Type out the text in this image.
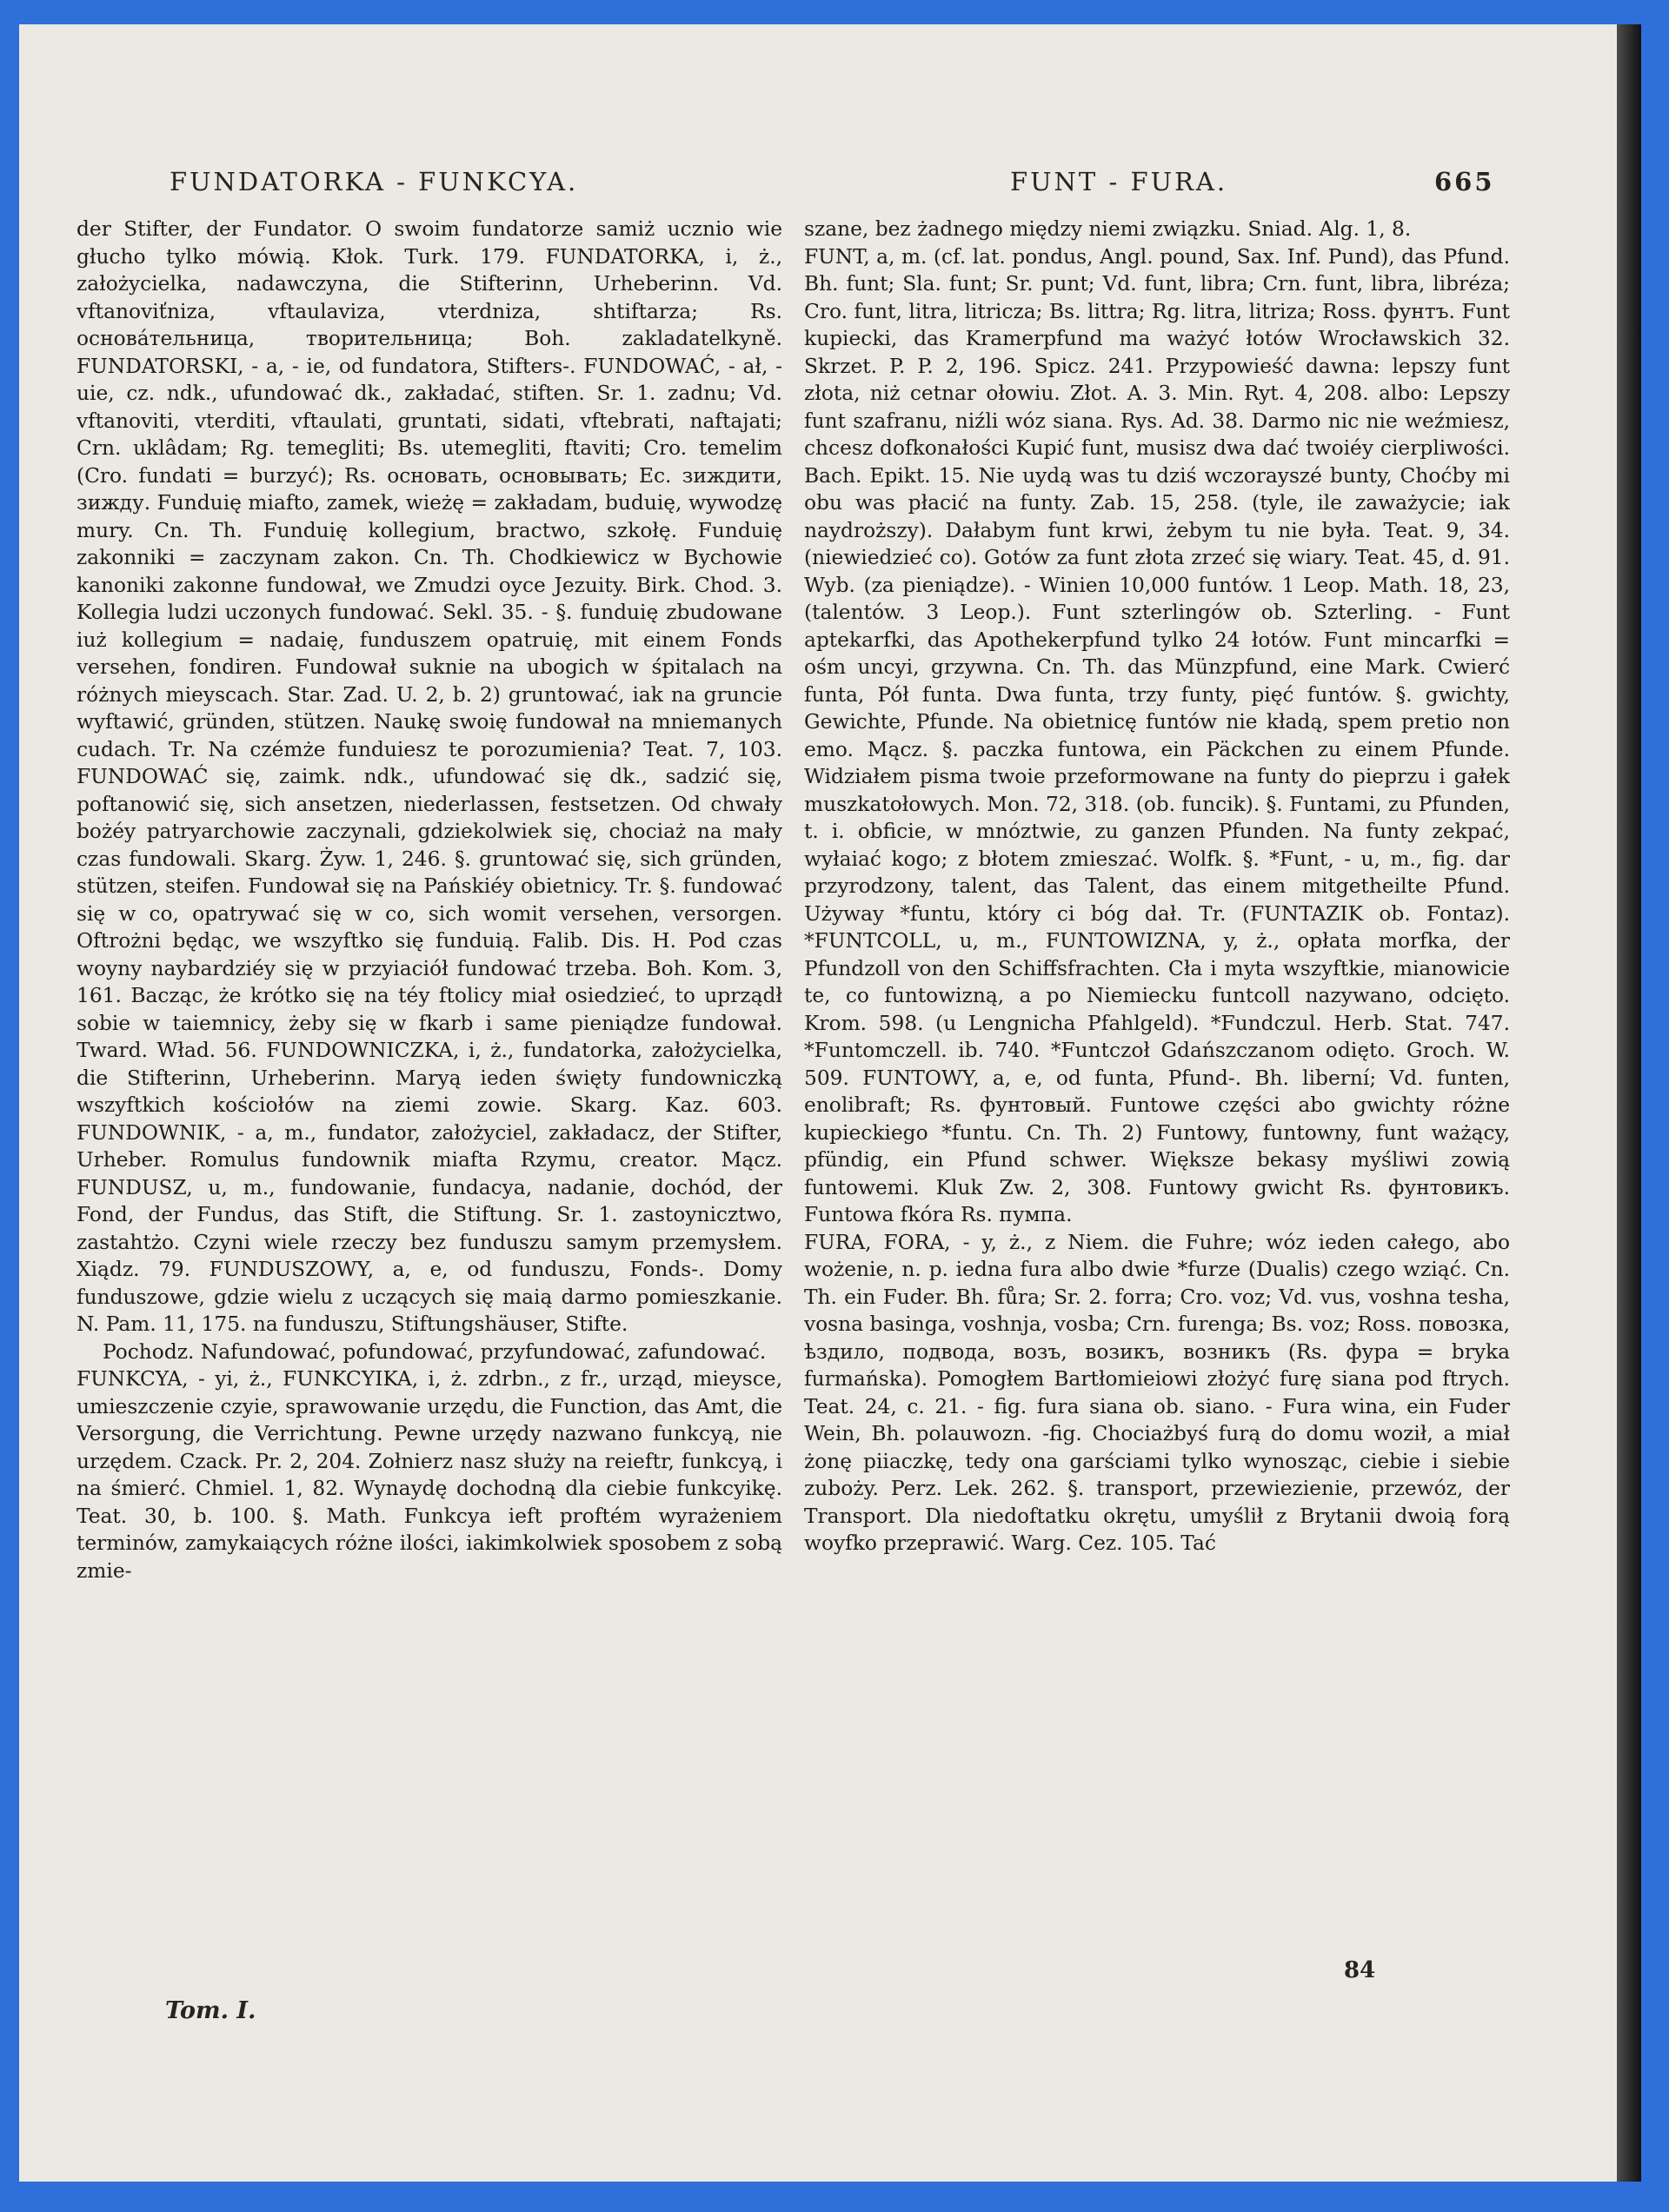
FUNDATORKA - FUNKCYA.	FUNT - FURA.	665

der Stifter, der Fundator. O swoim fundatorze samiż ucznio wie głucho tylko mówią. Kłok. Turk. 179. FUNDATORKA, i, ż., założycielka, nadawczyna, die Stifterinn, Urheberinn. Vd. vftanoviťniza, vftaulaviza, vterdniza, shtiftarza; Rs. основа́тельница, творительница; Boh. zakladatelkyně. FUNDATORSKI, - a, - ie, od fundatora, Stifters-. FUNDOWAĆ, - ał, - uie, cz. ndk., ufundować dk., zakładać, stiften. Sr. 1. zadnu; Vd. vftanoviti, vterditi, vftaulati, gruntati, sidati, vftebrati, naftajati; Crn. uklâdam; Rg. temegliti; Bs. utemegliti, ftaviti; Cro. temelim (Cro. fundati = burzyć); Rs. основать, основывать; Ec. зиждити, зижду. Funduię miafto, zamek, wieżę = zakładam, buduię, wywodzę mury. Cn. Th. Funduię kollegium, bractwo, szkołę. Funduię zakonniki = zaczynam zakon. Cn. Th. Chodkiewicz w Bychowie kanoniki zakonne fundował, we Zmudzi oyce Jezuity. Birk. Chod. 3. Kollegia ludzi uczonych fundować. Sekl. 35. - §. funduię zbudowane iuż kollegium = nadaię, funduszem opatruię, mit einem Fonds versehen, fondiren. Fundował suknie na ubogich w śpitalach na różnych mieyscach. Star. Zad. U. 2, b. 2) gruntować, iak na gruncie wyftawić, gründen, stützen. Naukę swoię fundował na mniemanych cudach. Tr. Na czémże funduiesz te porozumienia? Teat. 7, 103. FUNDOWAĆ się, zaimk. ndk., ufundować się dk., sadzić się, poftanowić się, sich ansetzen, niederlassen, festsetzen. Od chwały bożéy patryarchowie zaczynali, gdziekolwiek się, chociaż na mały czas fundowali. Skarg. Żyw. 1, 246. §. gruntować się, sich gründen, stützen, steifen. Fundował się na Pańskiéy obietnicy. Tr. §. fundować się w co, opatrywać się w co, sich womit versehen, versorgen. Oftrożni będąc, we wszyftko się funduią. Falib. Dis. H. Pod czas woyny naybardziéy się w przyiaciół fundować trzeba. Boh. Kom. 3, 161. Bacząc, że krótko się na téy ftolicy miał osiedzieć, to uprządł sobie w taiemnicy, żeby się w fkarb i same pieniądze fundował. Tward. Wład. 56. FUNDOWNICZKA, i, ż., fundatorka, założycielka, die Stifterinn, Urheberinn. Maryą ieden święty fundowniczką wszyftkich kościołów na ziemi zowie. Skarg. Kaz. 603. FUNDOWNIK, - a, m., fundator, założyciel, zakładacz, der Stifter, Urheber. Romulus fundownik miafta Rzymu, creator. Mącz. FUNDUSZ, u, m., fundowanie, fundacya, nadanie, dochód, der Fond, der Fundus, das Stift, die Stiftung. Sr. 1. zastoynicztwo, zastahtżo. Czyni wiele rzeczy bez funduszu samym przemysłem. Xiądz. 79. FUNDUSZOWY, a, e, od funduszu, Fonds-. Domy funduszowe, gdzie wielu z uczących się maią darmo pomieszkanie. N. Pam. 11, 175. na funduszu, Stiftungshäuser, Stifte.

Pochodz. Nafundować, pofundować, przyfundować, zafundować.

FUNKCYA, - yi, ż., FUNKCYIKA, i, ż. zdrbn., z fr., urząd, mieysce, umieszczenie czyie, sprawowanie urzędu, die Function, das Amt, die Versorgung, die Verrichtung. Pewne urzędy nazwano funkcyą, nie urzędem. Czack. Pr. 2, 204. Zołnierz nasz służy na reieftr, funkcyą, i na śmierć. Chmiel. 1, 82. Wynaydę dochodną dla ciebie funkcyikę. Teat. 30, b. 100. §. Math. Funkcya ieft proftém wyrażeniem terminów, zamykaiących różne ilości, iakimkolwiek sposobem z sobą zmie-

szane, bez żadnego między niemi związku. Sniad. Alg. 1, 8.

FUNT, a, m. (cf. lat. pondus, Angl. pound, Sax. Inf. Pund), das Pfund. Bh. funt; Sla. funt; Sr. punt; Vd. funt, libra; Crn. funt, libra, libréza; Cro. funt, litra, litricza; Bs. littra; Rg. litra, litriza; Ross. фунтъ. Funt kupiecki, das Kramerpfund ma ważyć łotów Wrocławskich 32. Skrzet. P. P. 2, 196. Spicz. 241. Przypowieść dawna: lepszy funt złota, niż cetnar ołowiu. Złot. A. 3. Min. Ryt. 4, 208. albo: Lepszy funt szafranu, niźli wóz siana. Rys. Ad. 38. Darmo nic nie weźmiesz, chcesz dofkonałości Kupić funt, musisz dwa dać twoiéy cierpliwości. Bach. Epikt. 15. Nie uydą was tu dziś wczorayszé bunty, Choćby mi obu was płacić na funty. Zab. 15, 258. (tyle, ile zaważycie; iak naydroższy). Dałabym funt krwi, żebym tu nie była. Teat. 9, 34. (niewiedzieć co). Gotów za funt złota zrzeć się wiary. Teat. 45, d. 91. Wyb. (za pieniądze). - Winien 10,000 funtów. 1 Leop. Math. 18, 23, (talentów. 3 Leop.). Funt szterlingów ob. Szterling. - Funt aptekarfki, das Apothekerpfund tylko 24 łotów. Funt mincarfki = ośm uncyi, grzywna. Cn. Th. das Münzpfund, eine Mark. Cwierć funta, Pół funta. Dwa funta, trzy funty, pięć funtów. §. gwichty, Gewichte, Pfunde. Na obietnicę funtów nie kładą, spem pretio non emo. Mącz. §. paczka funtowa, ein Päckchen zu einem Pfunde. Widziałem pisma twoie przeformowane na funty do pieprzu i gałek muszkatołowych. Mon. 72, 318. (ob. funcik). §. Funtami, zu Pfunden, t. i. obficie, w mnóztwie, zu ganzen Pfunden. Na funty zekpać, wyłaiać kogo; z błotem zmieszać. Wolfk. §. *Funt, - u, m., fig. dar przyrodzony, talent, das Talent, das einem mitgetheilte Pfund. Używay *funtu, który ci bóg dał. Tr. (FUNTAZIK ob. Fontaz). *FUNTCOLL, u, m., FUNTOWIZNA, y, ż., opłata morfka, der Pfundzoll von den Schiffsfrachten. Cła i myta wszyftkie, mianowicie te, co funtowizną, a po Niemiecku funtcoll nazywano, odcięto. Krom. 598. (u Lengnicha Pfahlgeld). *Fundczul. Herb. Stat. 747. *Funtomczell. ib. 740. *Funtczoł Gdańszczanom odięto. Groch. W. 509. FUNTOWY, a, e, od funta, Pfund-. Bh. liberní; Vd. funten, enolibraft; Rs. фунтовый. Funtowe części abo gwichty różne kupieckiego *funtu. Cn. Th. 2) Funtowy, funtowny, funt ważący, pfündig, ein Pfund schwer. Większe bekasy myśliwi zowią funtowemi. Kluk Zw. 2, 308. Funtowy gwicht Rs. фунтовикъ. Funtowa fkóra Rs. пумпа.

FURA, FORA, - y, ż., z Niem. die Fuhre; wóz ieden całego, abo wożenie, n. p. iedna fura albo dwie *furze (Dualis) czego wziąć. Cn. Th. ein Fuder. Bh. fůra; Sr. 2. forra; Cro. voz; Vd. vus, voshna tesha, vosna basinga, voshnja, vosba; Crn. furenga; Bs. voz; Ross. повозка, ѣздило, подвода, возъ, возикъ, возникъ (Rs. фура = bryka furmańska). Pomogłem Bartłomieiowi złożyć furę siana pod ftrych. Teat. 24, c. 21. - fig. fura siana ob. siano. - Fura wina, ein Fuder Wein, Bh. polauwozn. -fig. Chociażbyś furą do domu woził, a miał żonę piiaczkę, tedy ona garściami tylko wynosząc, ciebie i siebie zuboży. Perz. Lek. 262. §. transport, przewiezienie, przewóz, der Transport. Dla niedoftatku okrętu, umyślił z Brytanii dwoią forą woyfko przeprawić. Warg. Cez. 105. Tać

Tom. I.
84
